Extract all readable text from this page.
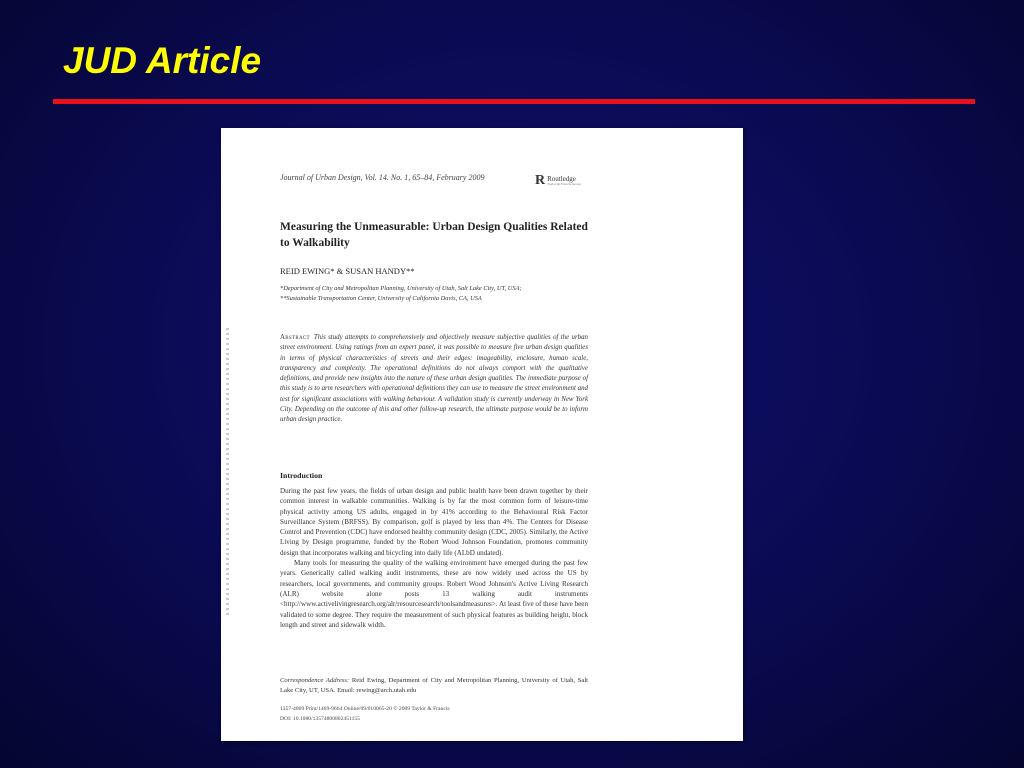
JUD Article
Journal of Urban Design, Vol. 14. No. 1, 65–84, February 2009	R Routledge
Taylor & Francis Group
Measuring the Unmeasurable: Urban Design Qualities Related to Walkability
REID EWING* & SUSAN HANDY**
*Department of City and Metropolitan Planning, University of Utah, Salt Lake City, UT, USA;
**Sustainable Transportation Center, University of California Davis, CA, USA
Abstract This study attempts to comprehensively and objectively measure subjective qualities of the urban street environment. Using ratings from an expert panel, it was possible to measure five urban design qualities in terms of physical characteristics of streets and their edges: imageability, enclosure, human scale, transparency and complexity. The operational definitions do not always comport with the qualitative definitions, and provide new insights into the nature of these urban design qualities. The immediate purpose of this study is to arm researchers with operational definitions they can use to measure the street environment and test for significant associations with walking behaviour. A validation study is currently underway in New York City. Depending on the outcome of this and other follow-up research, the ultimate purpose would be to inform urban design practice.
Introduction

During the past few years, the fields of urban design and public health have been drawn together by their common interest in walkable communities. Walking is by far the most common form of leisure-time physical activity among US adults, engaged in by 41% according to the Behavioural Risk Factor Surveillance System (BRFSS). By comparison, golf is played by less than 4%. The Centers for Disease Control and Prevention (CDC) have endorsed healthy community design (CDC, 2005). Similarly, the Active Living by Design programme, funded by the Robert Wood Johnson Foundation, promotes community design that incorporates walking and bicycling into daily life (ALbD undated).

Many tools for measuring the quality of the walking environment have emerged during the past few years. Generically called walking audit instruments, these are now widely used across the US by researchers, local governments, and community groups. Robert Wood Johnson's Active Living Research (ALR) website alone posts 13 walking audit instruments <http://www.activelivingresearch.org/alr/resourcesearch/toolsandmeasures>. At least five of these have been validated to some degree. They require the measurement of such physical features as building height, block length and street and sidewalk width.

Correspondence Address: Reid Ewing, Department of City and Metropolitan Planning, University of Utah, Salt Lake City, UT, USA. Email: rewing@arch.utah.edu
1357-4809 Print/1469-9664 Online/09/010065-20 © 2009 Taylor & Francis
DOI: 10.1080/13574800802451155
